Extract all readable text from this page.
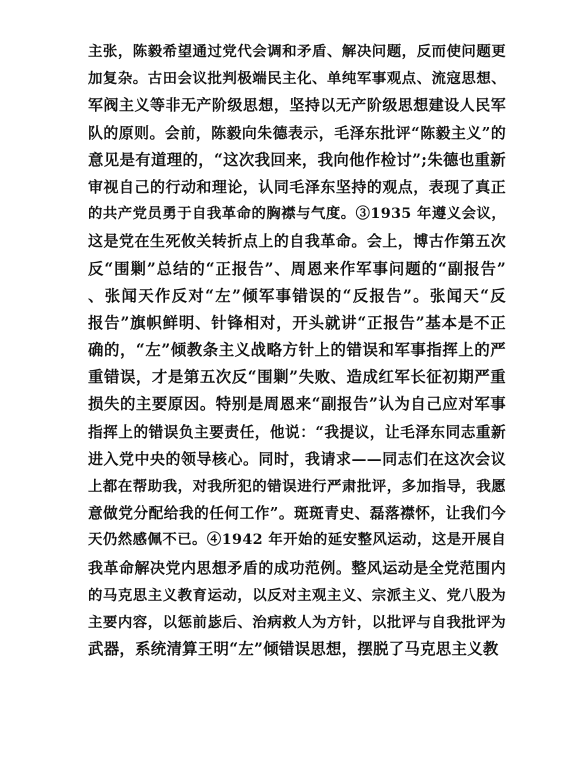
主张，陈毅希望通过党代会调和矛盾、解决问题，反而使问题更
加复杂。古田会议批判极端民主化、单纯军事观点、流寇思想、
军阀主义等非无产阶级思想，坚持以无产阶级思想建设人民军
队的原则。会前，陈毅向朱德表示，毛泽东批评“陈毅主义”的
意见是有道理的，“这次我回来，我向他作检讨”;朱德也重新
审视自己的行动和理论，认同毛泽东坚持的观点，表现了真正
的共产党员勇于自我革命的胸襟与气度。③1935 年遵义会议，
这是党在生死攸关转折点上的自我革命。会上，博古作第五次
反“围剿”总结的“正报告”、周恩来作军事问题的“副报告”
、张闻天作反对“左”倾军事错误的“反报告”。张闻天“反
报告”旗帜鲜明、针锋相对，开头就讲“正报告”基本是不正
确的，“左”倾教条主义战略方针上的错误和军事指挥上的严
重错误，才是第五次反“围剿”失败、造成红军长征初期严重
损失的主要原因。特别是周恩来“副报告”认为自己应对军事
指挥上的错误负主要责任，他说：“我提议，让毛泽东同志重新
进入党中央的领导核心。同时，我请求——同志们在这次会议
上都在帮助我，对我所犯的错误进行严肃批评，多加指导，我愿
意做党分配给我的任何工作”。斑斑青史、磊落襟怀，让我们今
天仍然感佩不已。④1942 年开始的延安整风运动，这是开展自
我革命解决党内思想矛盾的成功范例。整风运动是全党范围内
的马克思主义教育运动，以反对主观主义、宗派主义、党八股为
主要内容，以惩前毖后、治病救人为方针，以批评与自我批评为
武器，系统清算王明“左”倾错误思想，摆脱了马克思主义教
